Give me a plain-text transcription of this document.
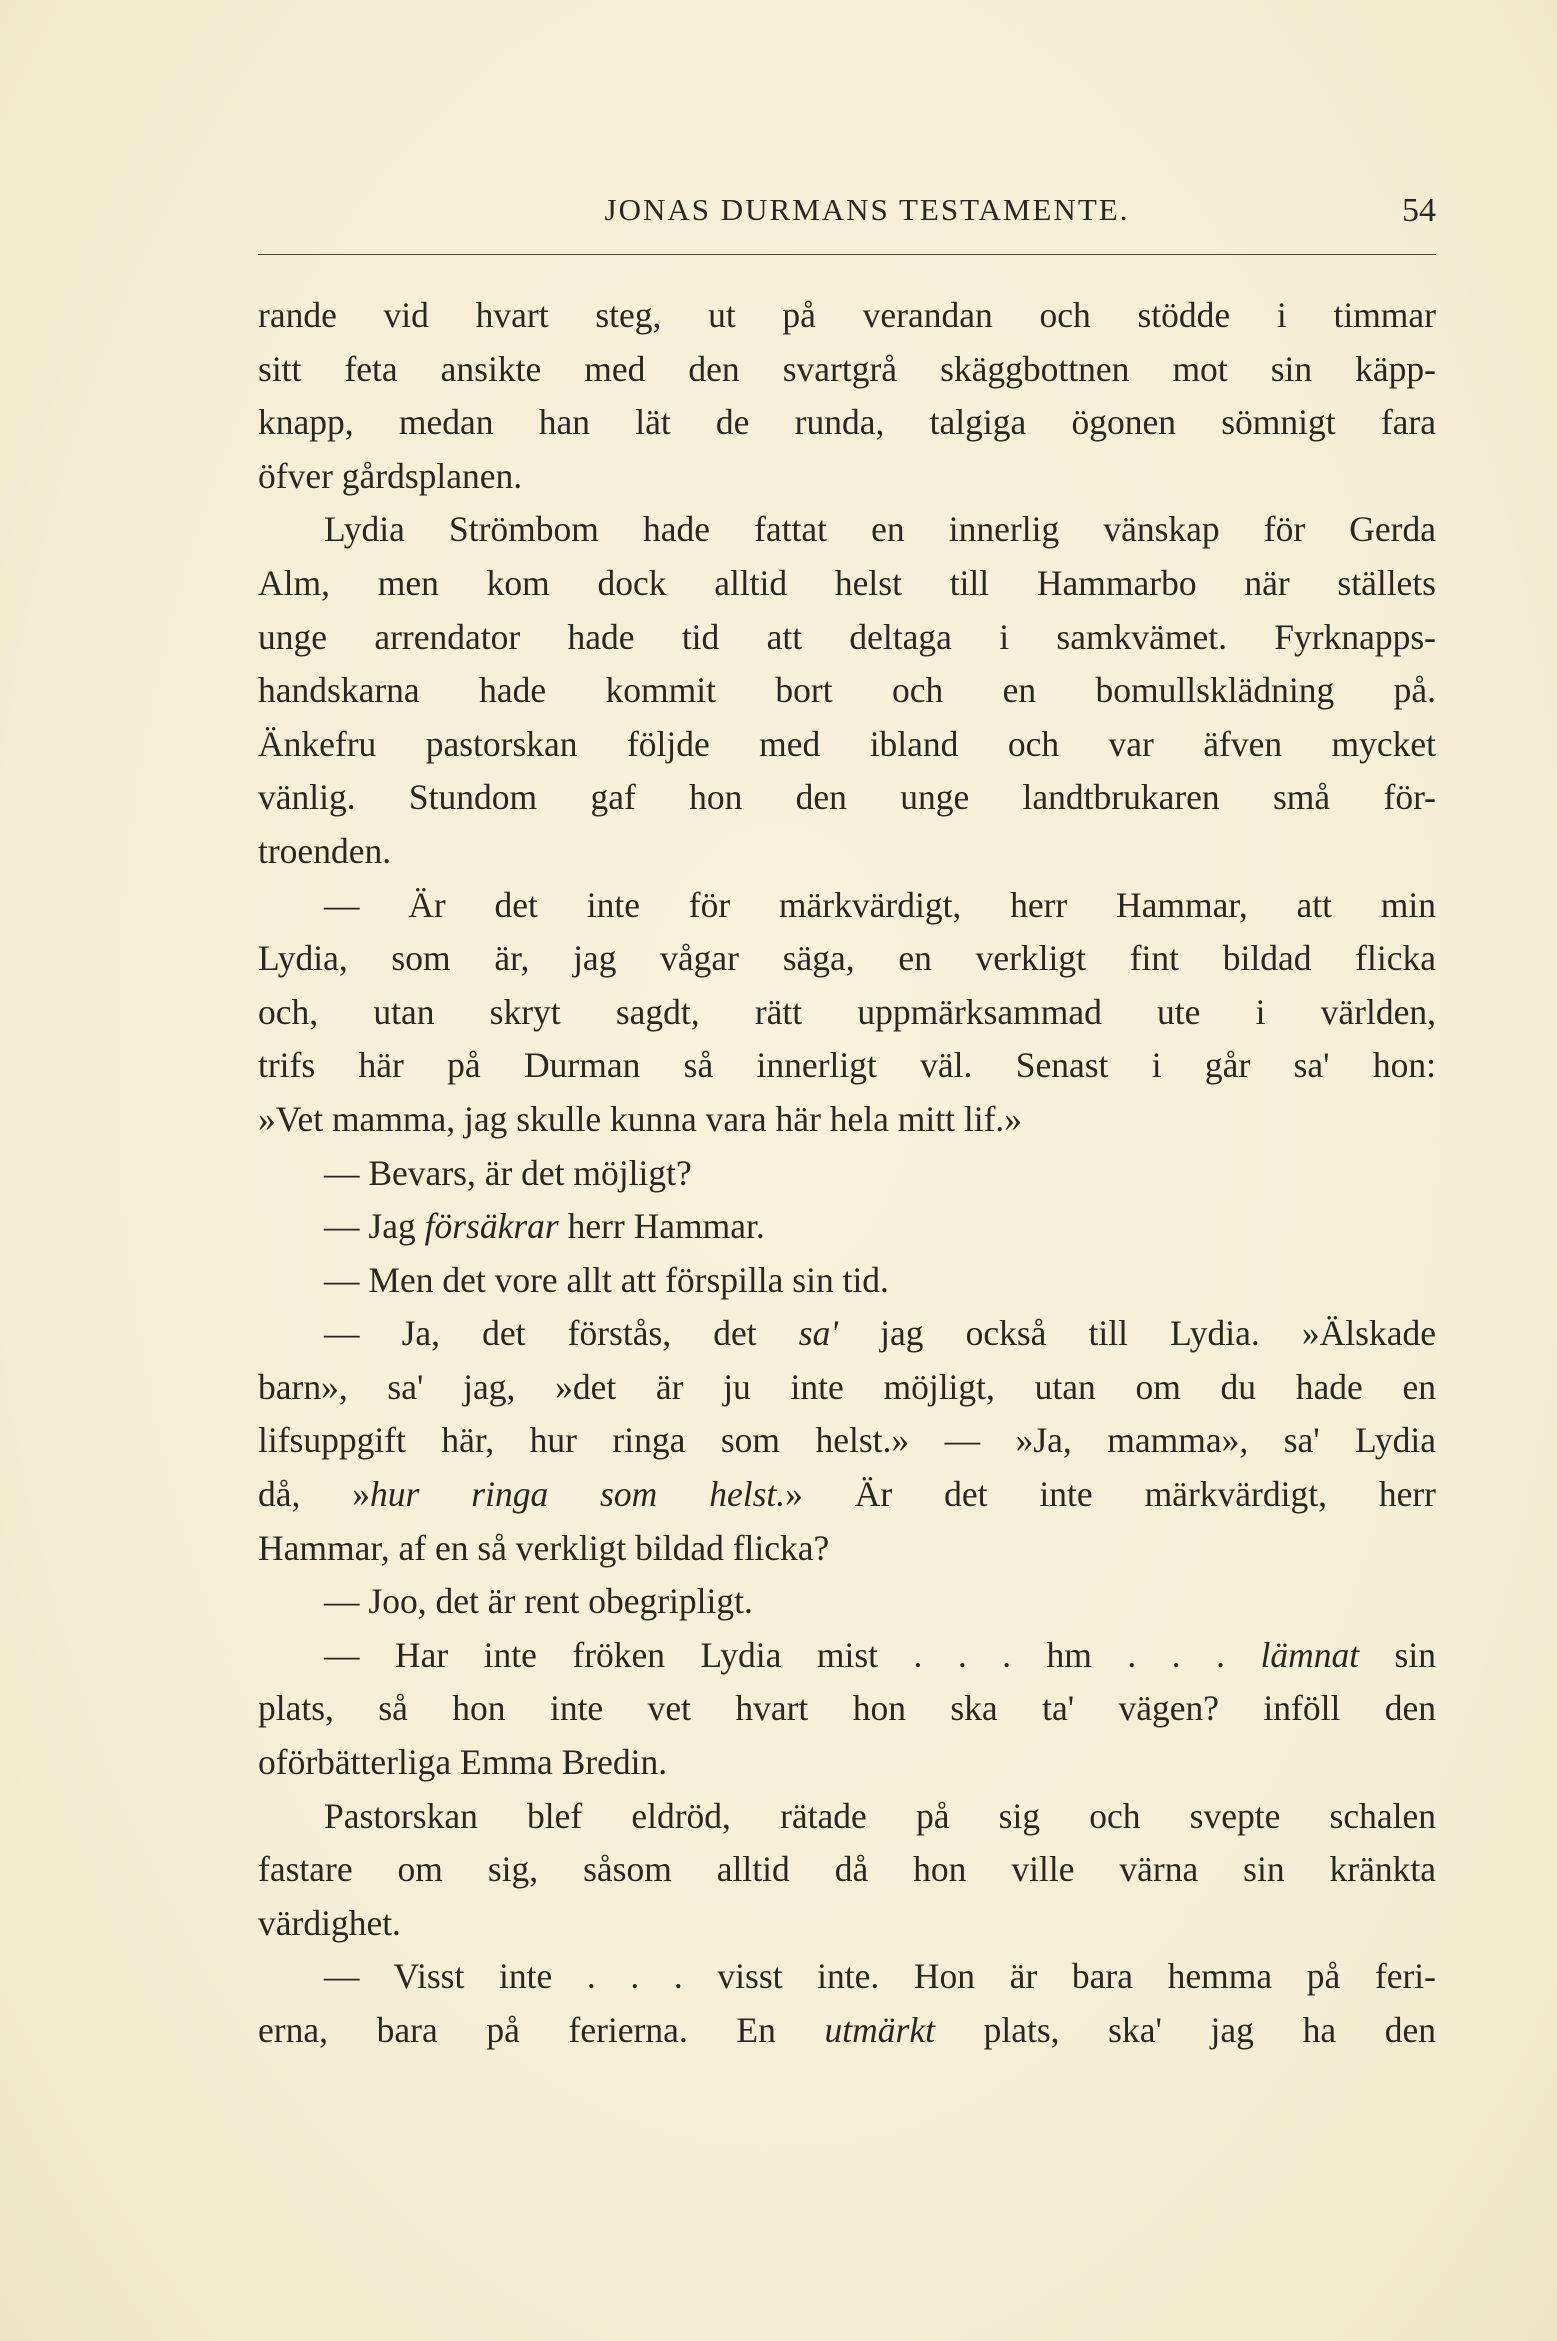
JONAS DURMANS TESTAMENTE.	54
rande vid hvart steg, ut på verandan och stödde i timmar
sitt feta ansikte med den svartgrå skäggbottnen mot sin käpp-
knapp, medan han lät de runda, talgiga ögonen sömnigt fara
öfver gårdsplanen.
Lydia Strömbom hade fattat en innerlig vänskap för Gerda
Alm, men kom dock alltid helst till Hammarbo när ställets
unge arrendator hade tid att deltaga i samkvämet. Fyrknapps-
handskarna hade kommit bort och en bomullsklädning på.
Änkefru pastorskan följde med ibland och var äfven mycket
vänlig. Stundom gaf hon den unge landtbrukaren små för-
troenden.
— Är det inte för märkvärdigt, herr Hammar, att min
Lydia, som är, jag vågar säga, en verkligt fint bildad flicka
och, utan skryt sagdt, rätt uppmärksammad ute i världen,
trifs här på Durman så innerligt väl. Senast i går sa' hon:
»Vet mamma, jag skulle kunna vara här hela mitt lif.»
— Bevars, är det möjligt?
— Jag försäkrar herr Hammar.
— Men det vore allt att förspilla sin tid.
— Ja, det förstås, det sa' jag också till Lydia. »Älskade
barn», sa' jag, »det är ju inte möjligt, utan om du hade en
lifsuppgift här, hur ringa som helst.» — »Ja, mamma», sa' Lydia
då, »hur ringa som helst.» Är det inte märkvärdigt, herr
Hammar, af en så verkligt bildad flicka?
— Joo, det är rent obegripligt.
— Har inte fröken Lydia mist . . . hm . . . lämnat sin
plats, så hon inte vet hvart hon ska ta' vägen? inföll den
oförbätterliga Emma Bredin.
Pastorskan blef eldröd, rätade på sig och svepte schalen
fastare om sig, såsom alltid då hon ville värna sin kränkta
värdighet.
— Visst inte . . . visst inte. Hon är bara hemma på feri-
erna, bara på ferierna. En utmärkt plats, ska' jag ha den
